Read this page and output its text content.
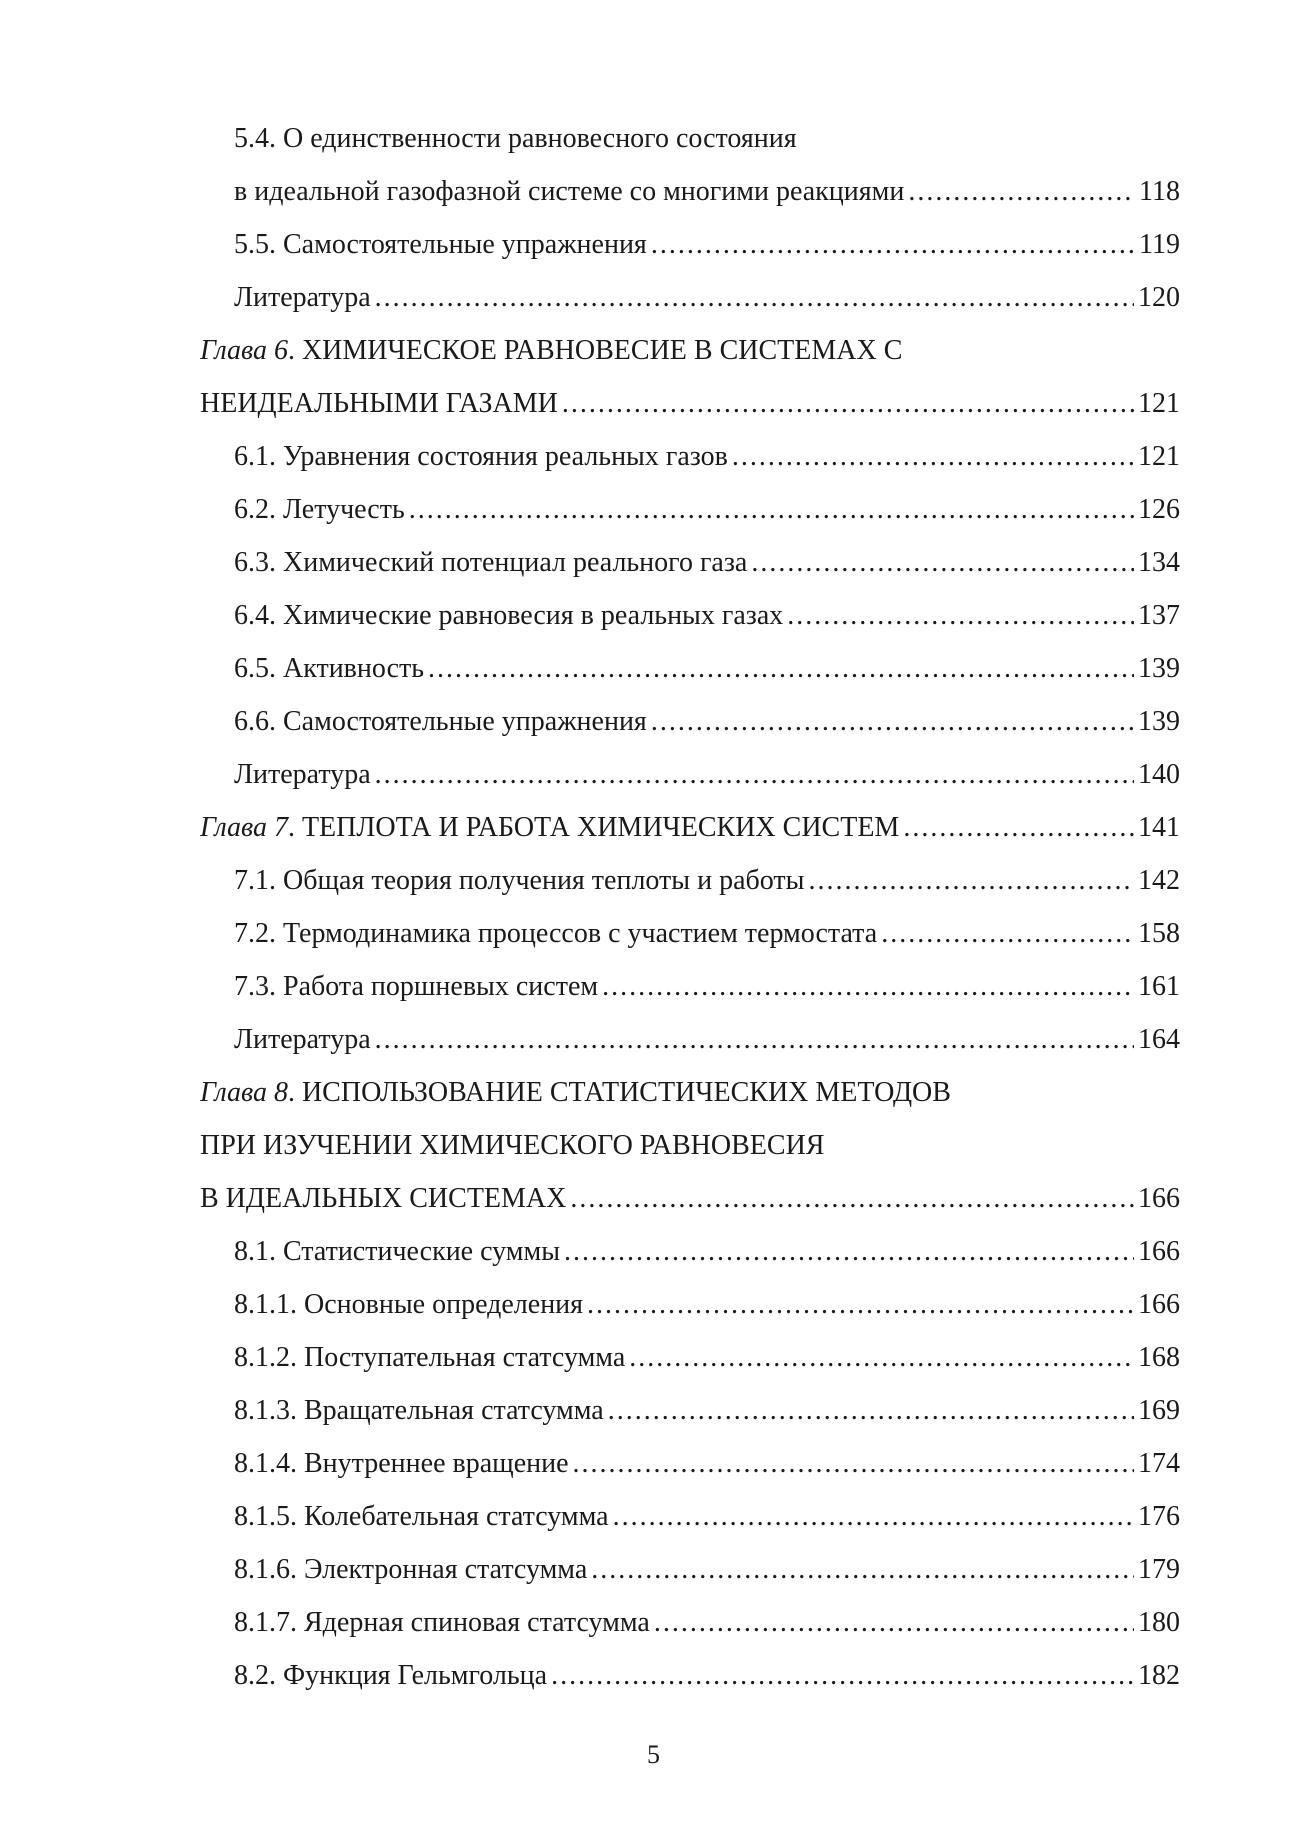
5.4. О единственности равновесного состояния
в идеальной газофазной системе со многими реакциями .....	118
5.5. Самостоятельные упражнения .....	119
Литература .....	120
Глава 6. ХИМИЧЕСКОЕ РАВНОВЕСИЕ В СИСТЕМАХ С
НЕИДЕАЛЬНЫМИ ГАЗАМИ .....	121
6.1. Уравнения состояния реальных газов .....	121
6.2. Летучесть .....	126
6.3. Химический потенциал реального газа .....	134
6.4. Химические равновесия в реальных газах .....	137
6.5. Активность .....	139
6.6. Самостоятельные упражнения .....	139
Литература .....	140
Глава 7. ТЕПЛОТА И РАБОТА ХИМИЧЕСКИХ СИСТЕМ .....	141
7.1. Общая теория получения теплоты и работы .....	142
7.2. Термодинамика процессов с участием термостата .....	158
7.3. Работа поршневых систем .....	161
Литература .....	164
Глава 8. ИСПОЛЬЗОВАНИЕ СТАТИСТИЧЕСКИХ МЕТОДОВ
ПРИ ИЗУЧЕНИИ ХИМИЧЕСКОГО РАВНОВЕСИЯ
В ИДЕАЛЬНЫХ СИСТЕМАХ .....	166
8.1. Статистические суммы .....	166
8.1.1. Основные определения .....	166
8.1.2. Поступательная статсумма .....	168
8.1.3. Вращательная статсумма .....	169
8.1.4. Внутреннее вращение .....	174
8.1.5. Колебательная статсумма .....	176
8.1.6. Электронная статсумма .....	179
8.1.7. Ядерная спиновая статсумма .....	180
8.2. Функция Гельмгольца .....	182
5
